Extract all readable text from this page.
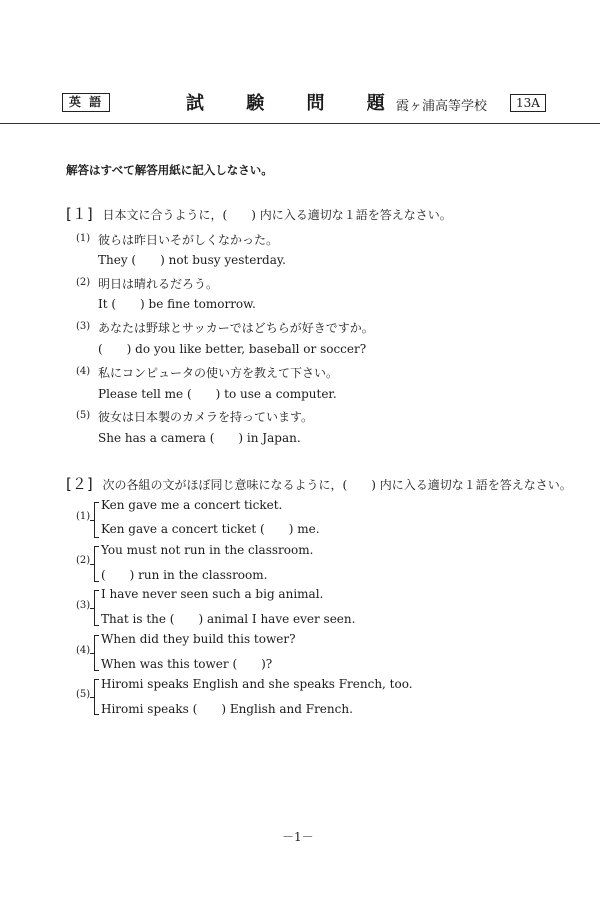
英 語	試 験 問 題
霞ヶ浦高等学校	13A
解答はすべて解答用紙に記入しなさい。
[１] 日本文に合うように，(　　) 内に入る適切な１語を答えなさい。
(1) 彼らは昨日いそがしくなかった。
They (　　) not busy yesterday.
(2) 明日は晴れるだろう。
It (　　) be fine tomorrow.
(3) あなたは野球とサッカーではどちらが好きですか。
(　　) do you like better, baseball or soccer?
(4) 私にコンピュータの使い方を教えて下さい。
Please tell me (　　) to use a computer.
(5) 彼女は日本製のカメラを持っています。
She has a camera (　　) in Japan.
[２] 次の各組の文がほぼ同じ意味になるように，(　　) 内に入る適切な１語を答えなさい。
(1)
Ken gave me a concert ticket.
Ken gave a concert ticket (　　) me.
(2)
You must not run in the classroom.
(　　) run in the classroom.
(3)
I have never seen such a big animal.
That is the (　　) animal I have ever seen.
(4)
When did they build this tower?
When was this tower (　　)?
(5)
Hiromi speaks English and she speaks French, too.
Hiromi speaks (　　) English and French.
－1－
